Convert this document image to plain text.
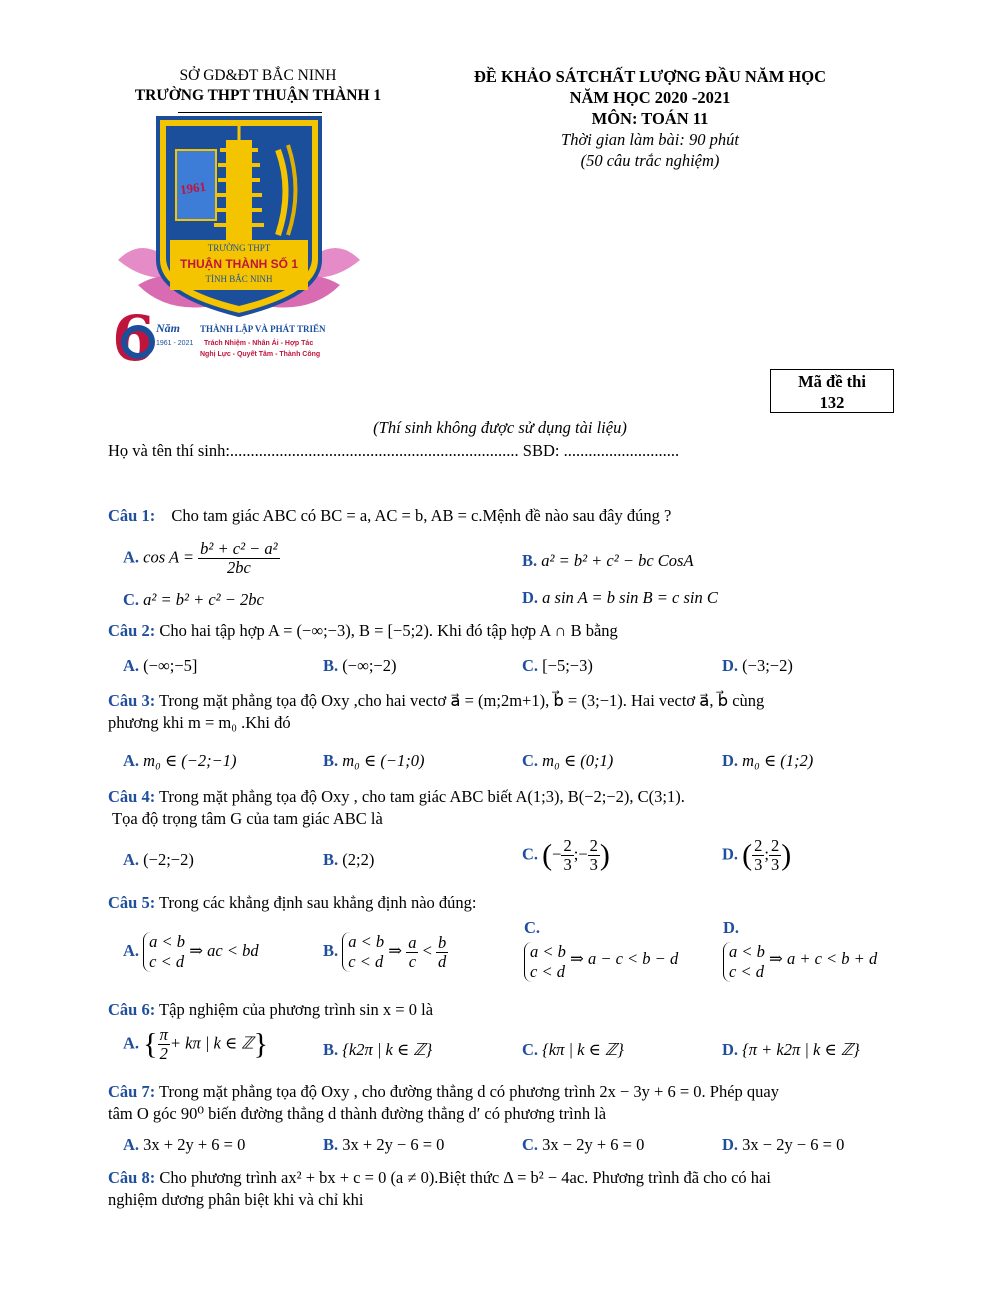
SỞ GD&ĐT BẮC NINH
TRƯỜNG THPT THUẬN THÀNH 1
ĐỀ KHẢO SÁTCHẤT LƯỢNG ĐẦU NĂM HỌC
NĂM HỌC 2020 -2021
MÔN: TOÁN 11
Thời gian làm bài: 90 phút
(50 câu trắc nghiệm)
1961
TRƯỜNG THPT
THUẬN THÀNH SỐ 1
TỈNH BẮC NINH
6 Năm THÀNH LẬP VÀ PHÁT TRIỂN
1961 - 2021 Trách Nhiệm - Nhân Ái - Hợp Tác
Nghị Lực - Quyết Tâm - Thành Công
Mã đề thi
132
(Thí sinh không được sử dụng tài liệu)
Họ và tên thí sinh:...................................................................... SBD: ............................
Câu 1: Cho tam giác ABC có BC = a, AC = b, AB = c.Mệnh đề nào sau đây đúng ?
A. $\cos A = \frac{\text{b² + c² − a²}}{2bc}$	B. a² = b² + c² − bc CosA
C. a² = b² + c² − 2bc	D. a sin A = b sin B = c sin C
Câu 2: Cho hai tập hợp A = (−∞;−3), B = [−5;2). Khi đó tập hợp A ∩ B bằng
A. (−∞;−5]	B. (−∞;−2)	C. [−5;−3)	D. (−3;−2)
Câu 3: Trong mặt phẳng tọa độ Oxy ,cho hai vectơ a⃗ = (m;2m+1), b⃗ = (3;−1). Hai vectơ a⃗, b⃗ cùng
phương khi m = m₀ .Khi đó
A. m₀ ∈ (−2;−1)	B. m₀ ∈ (−1;0)	C. m₀ ∈ (0;1)	D. m₀ ∈ (1;2)
Câu 4: Trong mặt phẳng tọa độ Oxy , cho tam giác ABC biết A(1;3), B(−2;−2), C(3;1).
Tọa độ trọng tâm G của tam giác ABC là
A. (−2;−2)	B. (2;2)	C. (− $\frac{2}{3}$ ;− $\frac{2}{3}$ )	D. ( $\frac{2}{3}$ ; $\frac{2}{3}$ )
Câu 5: Trong các khẳng định sau khẳng định nào đúng:
A. a < b
c < d ⇒ ac < bd	B. a < b
c < d ⇒ $\frac{a}{c} < \frac{b}{d}$
C.
a < b
c < d ⇒ a − c < b − d
D.
a < b
c < d ⇒ a + c < b + d
Câu 6: Tập nghiệm của phương trình sin x = 0 là
A. { $\frac{\pi}{2} + k\pi$ | k ∈ ℤ}	B. {k2π | k ∈ ℤ}	C. {kπ | k ∈ ℤ}	D. {π + k2π | k ∈ ℤ}
Câu 7: Trong mặt phẳng tọa độ Oxy , cho đường thẳng d có phương trình 2x − 3y + 6 = 0. Phép quay
tâm O góc 90⁰ biến đường thẳng d thành đường thẳng d′ có phương trình là
A. 3x + 2y + 6 = 0	B. 3x + 2y − 6 = 0	C. 3x − 2y + 6 = 0	D. 3x − 2y − 6 = 0
Câu 8: Cho phương trình ax² + bx + c = 0 (a ≠ 0).Biệt thức Δ = b² − 4ac. Phương trình đã cho có hai
nghiệm dương phân biệt khi và chỉ khi
